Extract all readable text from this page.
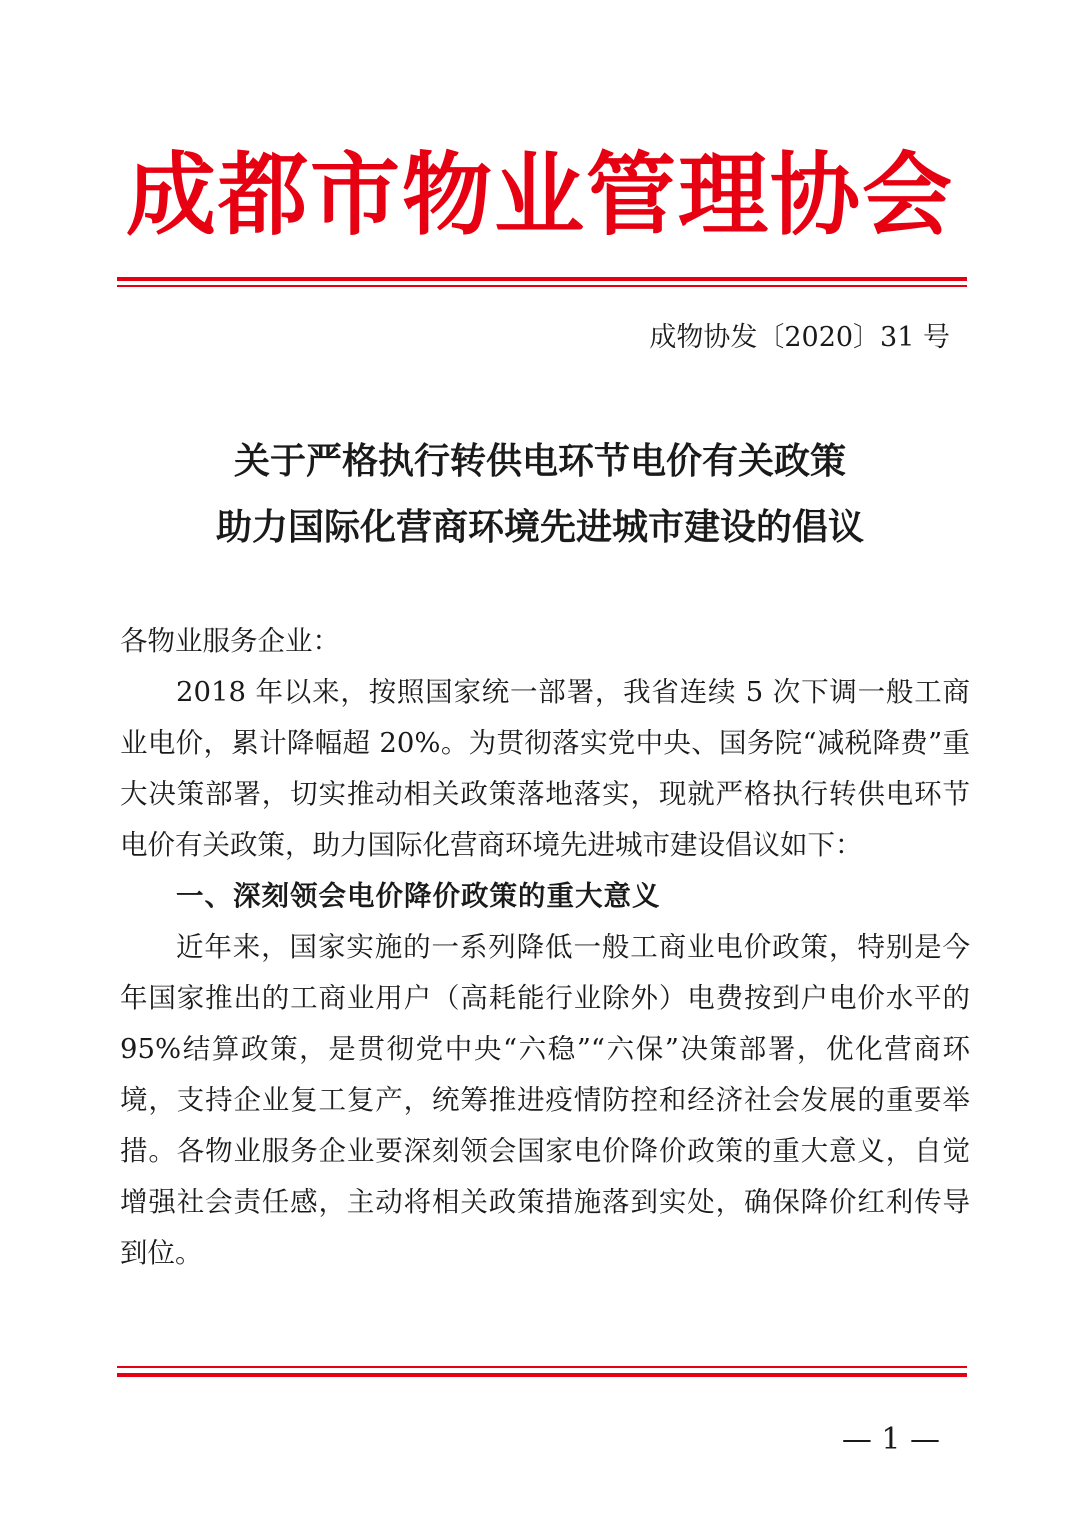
成都市物业管理协会
成物协发〔2020〕31 号
关于严格执行转供电环节电价有关政策
助力国际化营商环境先进城市建设的倡议

各物业服务企业：

2018 年以来，按照国家统一部署，我省连续 5 次下调一般工商业电价，累计降幅超 20%。为贯彻落实党中央、国务院“减税降费”重大决策部署，切实推动相关政策落地落实，现就严格执行转供电环节电价有关政策，助力国际化营商环境先进城市建设倡议如下：

一、深刻领会电价降价政策的重大意义

近年来，国家实施的一系列降低一般工商业电价政策，特别是今年国家推出的工商业用户（高耗能行业除外）电费按到户电价水平的 95%结算政策，是贯彻党中央“六稳”“六保”决策部署，优化营商环境，支持企业复工复产，统筹推进疫情防控和经济社会发展的重要举措。各物业服务企业要深刻领会国家电价降价政策的重大意义，自觉增强社会责任感，主动将相关政策措施落到实处，确保降价红利传导到位。

— 1 —
